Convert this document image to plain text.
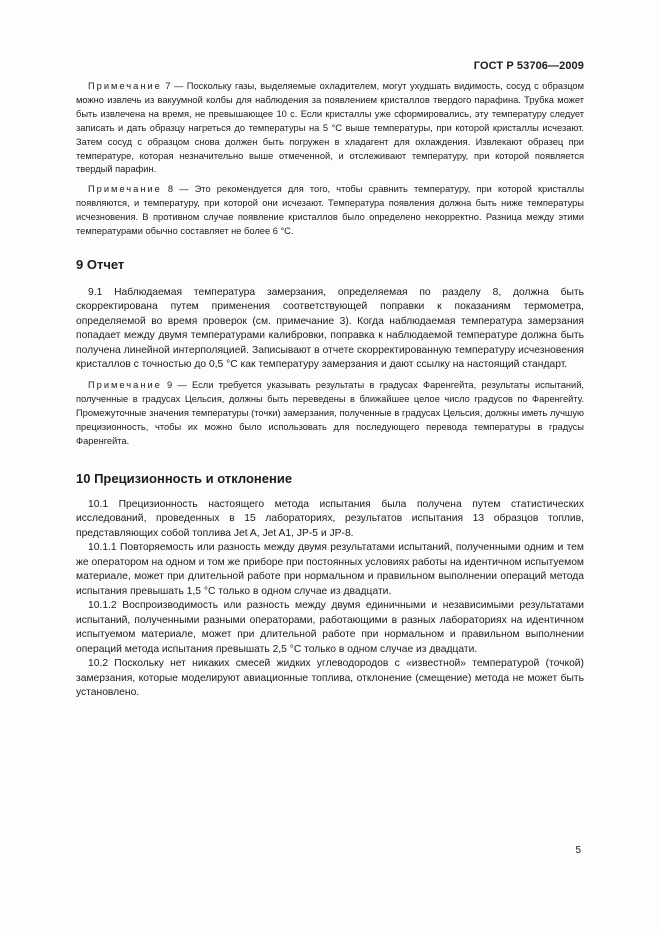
ГОСТ Р 53706—2009

Примечание 7 — Поскольку газы, выделяемые охладителем, могут ухудшать видимость, сосуд с образцом можно извлечь из вакуумной колбы для наблюдения за появлением кристаллов твердого парафина. Трубка может быть извлечена на время, не превышающее 10 с. Если кристаллы уже сформировались, эту температуру следует записать и дать образцу нагреться до температуры на 5 °С выше температуры, при которой кристаллы исчезают. Затем сосуд с образцом снова должен быть погружен в хладагент для охлаждения. Извлекают образец при температуре, которая незначительно выше отмеченной, и отслеживают температуру, при которой появляется твердый парафин.

Примечание 8 — Это рекомендуется для того, чтобы сравнить температуру, при которой кристаллы появляются, и температуру, при которой они исчезают. Температура появления должна быть ниже температуры исчезновения. В противном случае появление кристаллов было определено некорректно. Разница между этими температурами обычно составляет не более 6 °С.

9 Отчет

9.1 Наблюдаемая температура замерзания, определяемая по разделу 8, должна быть скорректирована путем применения соответствующей поправки к показаниям термометра, определяемой во время проверок (см. примечание 3). Когда наблюдаемая температура замерзания попадает между двумя температурами калибровки, поправка к наблюдаемой температуре должна быть получена линейной интерполяцией. Записывают в отчете скорректированную температуру исчезновения кристаллов с точностью до 0,5 °С как температуру замерзания и дают ссылку на настоящий стандарт.

Примечание 9 — Если требуется указывать результаты в градусах Фаренгейта, результаты испытаний, полученные в градусах Цельсия, должны быть переведены в ближайшее целое число градусов по Фаренгейту. Промежуточные значения температуры (точки) замерзания, полученные в градусах Цельсия, должны иметь лучшую прецизионность, чтобы их можно было использовать для последующего перевода температуры в градусы Фаренгейта.

10 Прецизионность и отклонение

10.1 Прецизионность настоящего метода испытания была получена путем статистических исследований, проведенных в 15 лабораториях, результатов испытания 13 образцов топлив, представляющих собой топлива Jet A, Jet A1, JP-5 и JP-8.

10.1.1 Повторяемость или разность между двумя результатами испытаний, полученными одним и тем же оператором на одном и том же приборе при постоянных условиях работы на идентичном испытуемом материале, может при длительной работе при нормальном и правильном выполнении операций метода испытания превышать 1,5 °С только в одном случае из двадцати.

10.1.2 Воспроизводимость или разность между двумя единичными и независимыми результатами испытаний, полученными разными операторами, работающими в разных лабораториях на идентичном испытуемом материале, может при длительной работе при нормальном и правильном выполнении операций метода испытания превышать 2,5 °С только в одном случае из двадцати.

10.2 Поскольку нет никаких смесей жидких углеводородов с «известной» температурой (точкой) замерзания, которые моделируют авиационные топлива, отклонение (смещение) метода не может быть установлено.

5
